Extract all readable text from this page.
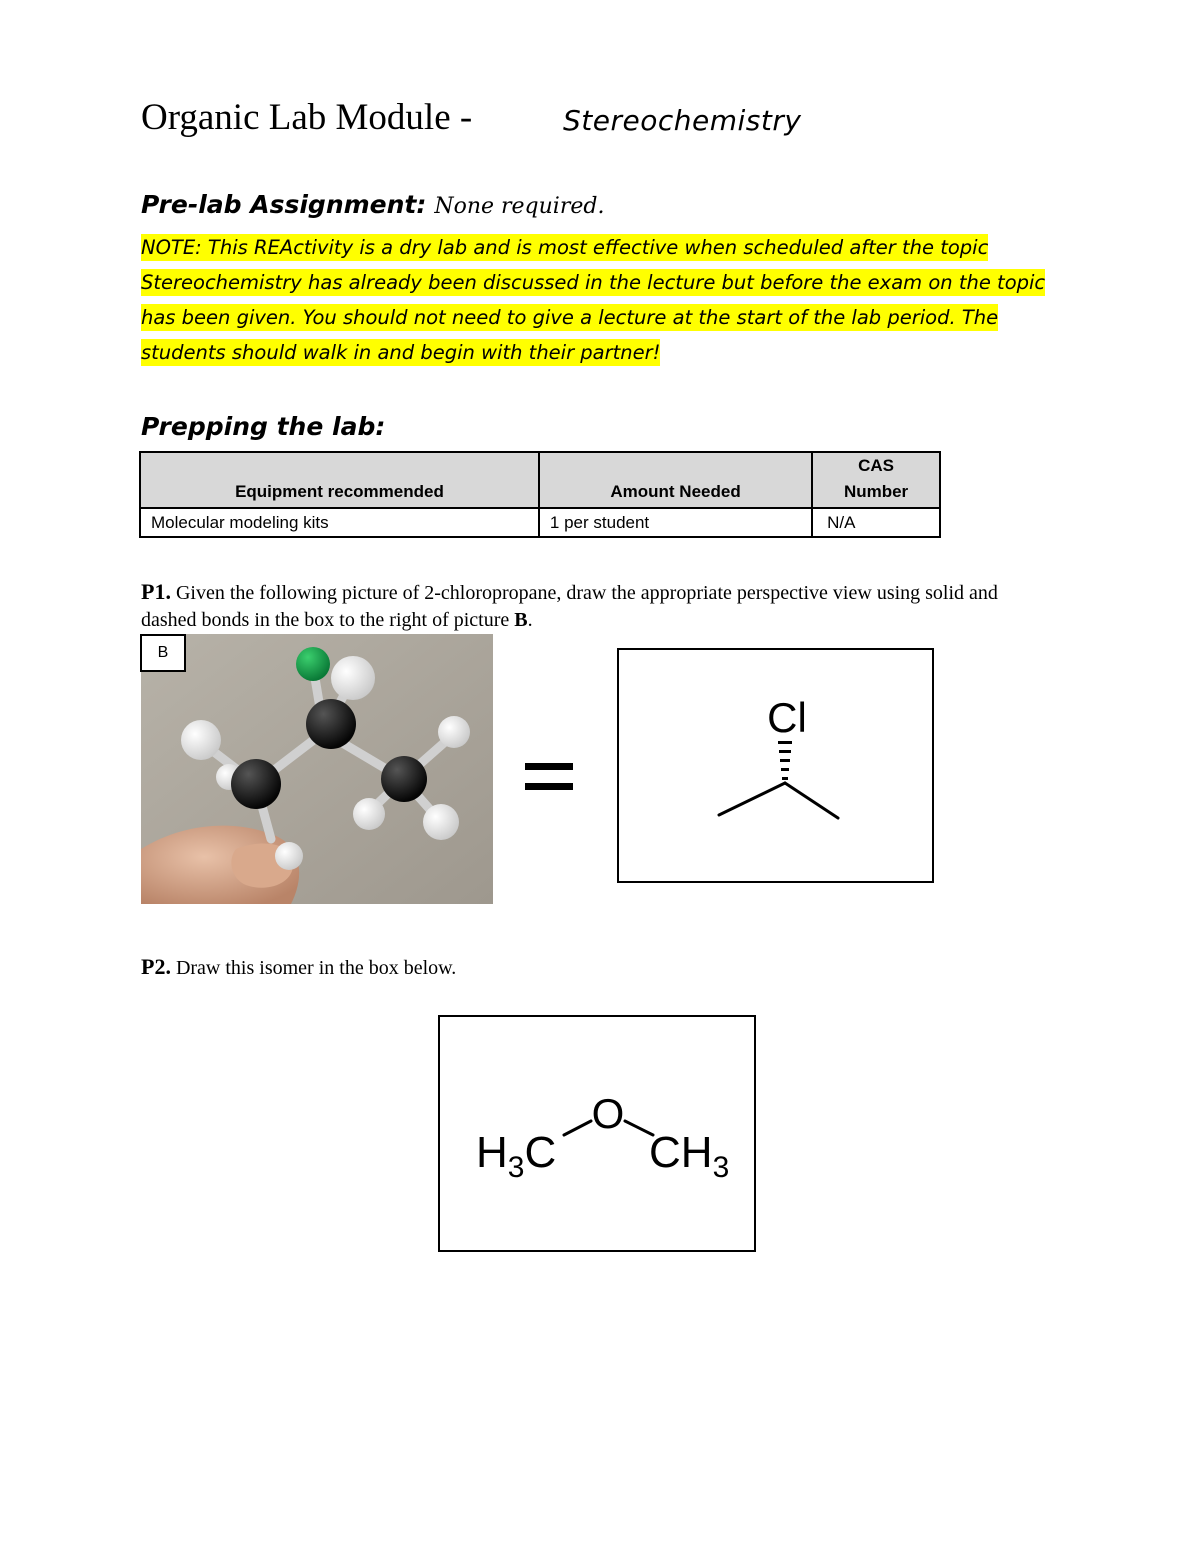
Organic Lab Module -	Stereochemistry
Pre-lab Assignment: None required.
NOTE: This REActivity is a dry lab and is most effective when scheduled after the topic Stereochemistry has already been discussed in the lecture but before the exam on the topic has been given. You should not need to give a lecture at the start of the lab period. The students should walk in and begin with their partner!
Prepping the lab:
Equipment recommended	Amount Needed	CAS Number
Molecular modeling kits	1 per student	N/A
P1. Given the following picture of 2-chloropropane, draw the appropriate perspective view using solid and dashed bonds in the box to the right of picture B.
B
Cl
P2. Draw this isomer in the box below.
$H_3C$
O
$CH_3$
